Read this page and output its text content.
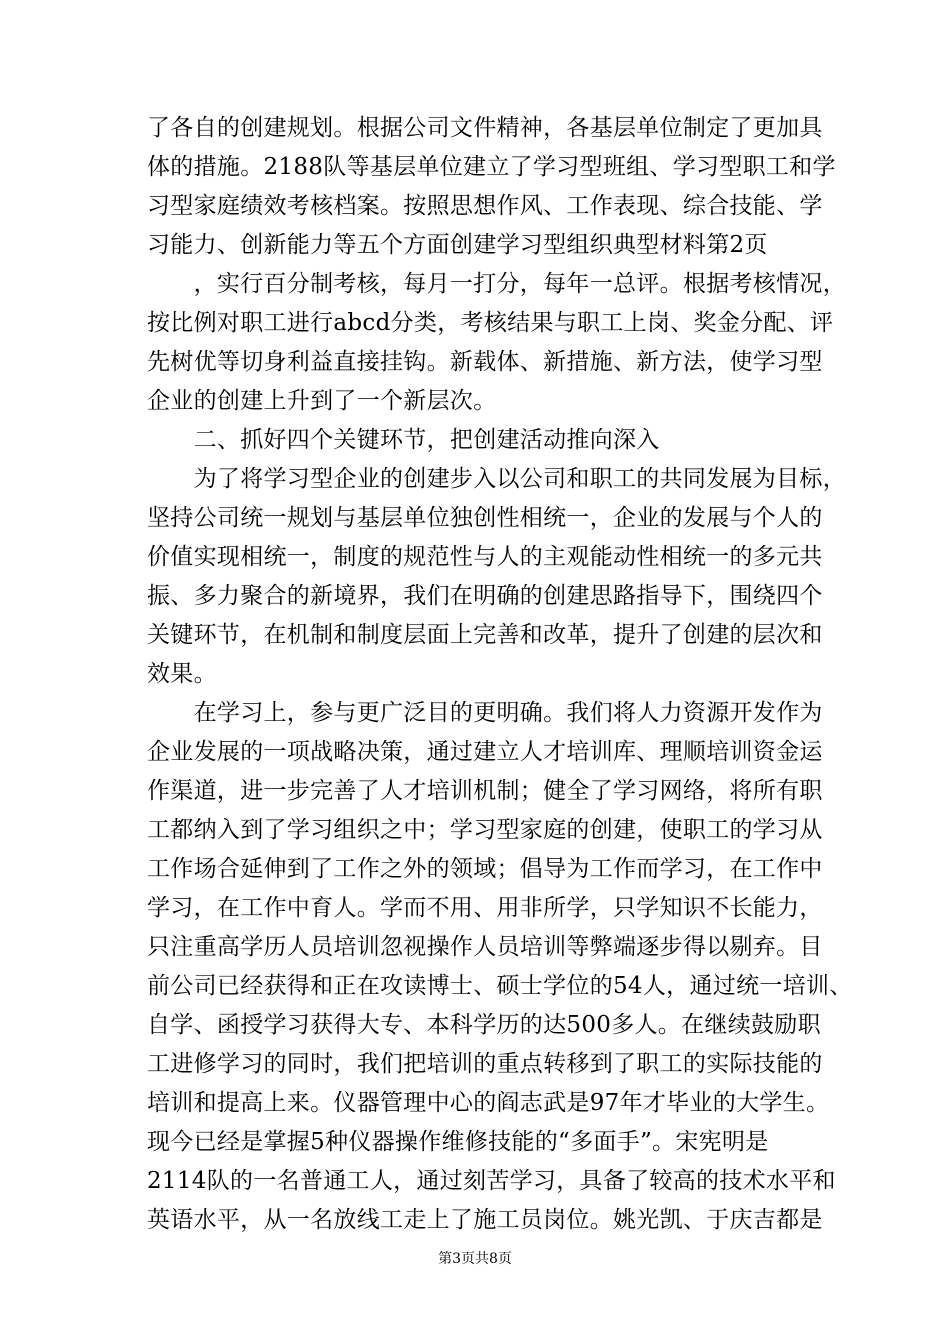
了各自的创建规划。根据公司文件精神，各基层单位制定了更加具
体的措施。2188队等基层单位建立了学习型班组、学习型职工和学
习型家庭绩效考核档案。按照思想作风、工作表现、综合技能、学
习能力、创新能力等五个方面创建学习型组织典型材料第2页
　　，实行百分制考核，每月一打分，每年一总评。根据考核情况，
按比例对职工进行abcd分类，考核结果与职工上岗、奖金分配、评
先树优等切身利益直接挂钩。新载体、新措施、新方法，使学习型
企业的创建上升到了一个新层次。
　　二、抓好四个关键环节，把创建活动推向深入
　　为了将学习型企业的创建步入以公司和职工的共同发展为目标，
坚持公司统一规划与基层单位独创性相统一，企业的发展与个人的
价值实现相统一，制度的规范性与人的主观能动性相统一的多元共
振、多力聚合的新境界，我们在明确的创建思路指导下，围绕四个
关键环节，在机制和制度层面上完善和改革，提升了创建的层次和
效果。
　　在学习上，参与更广泛目的更明确。我们将人力资源开发作为
企业发展的一项战略决策，通过建立人才培训库、理顺培训资金运
作渠道，进一步完善了人才培训机制；健全了学习网络，将所有职
工都纳入到了学习组织之中；学习型家庭的创建，使职工的学习从
工作场合延伸到了工作之外的领域；倡导为工作而学习，在工作中
学习，在工作中育人。学而不用、用非所学，只学知识不长能力，
只注重高学历人员培训忽视操作人员培训等弊端逐步得以剔弃。目
前公司已经获得和正在攻读博士、硕士学位的54人，通过统一培训、
自学、函授学习获得大专、本科学历的达500多人。在继续鼓励职
工进修学习的同时，我们把培训的重点转移到了职工的实际技能的
培训和提高上来。仪器管理中心的阎志武是97年才毕业的大学生。
现今已经是掌握5种仪器操作维修技能的“多面手”。宋宪明是
2114队的一名普通工人，通过刻苦学习，具备了较高的技术水平和
英语水平，从一名放线工走上了施工员岗位。姚光凯、于庆吉都是
第3页共8页
